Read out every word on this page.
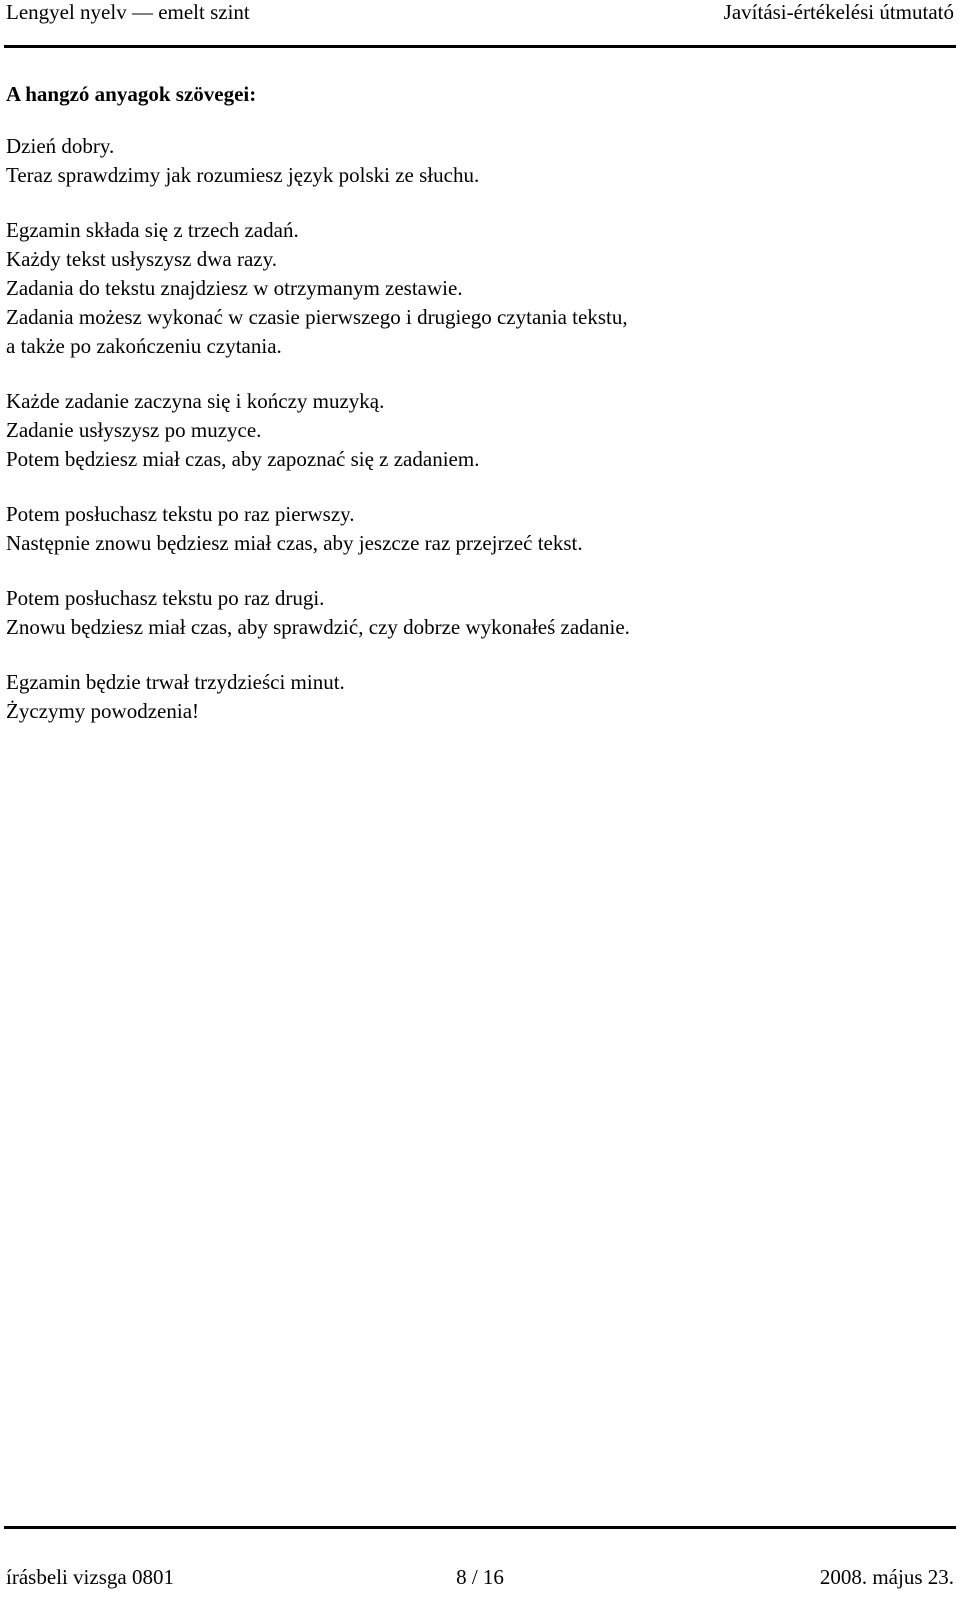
Lengyel nyelv — emelt szint	Javítási-értékelési útmutató
A hangzó anyagok szövegei:
Dzień dobry.
Teraz sprawdzimy jak rozumiesz język polski ze słuchu.
Egzamin składa się z trzech zadań.
Każdy tekst usłyszysz dwa razy.
Zadania do tekstu znajdziesz w otrzymanym zestawie.
Zadania możesz wykonać w czasie pierwszego i drugiego czytania tekstu,
a także po zakończeniu czytania.
Każde zadanie zaczyna się i kończy muzyką.
Zadanie usłyszysz po muzyce.
Potem będziesz miał czas, aby zapoznać się z zadaniem.
Potem posłuchasz tekstu po raz pierwszy.
Następnie znowu będziesz miał czas, aby jeszcze raz przejrzeć tekst.
Potem posłuchasz tekstu po raz drugi.
Znowu będziesz miał czas, aby sprawdzić, czy dobrze wykonałeś zadanie.
Egzamin będzie trwał trzydzieści minut.
Życzymy powodzenia!
írásbeli vizsga 0801	8 / 16	2008. május 23.
